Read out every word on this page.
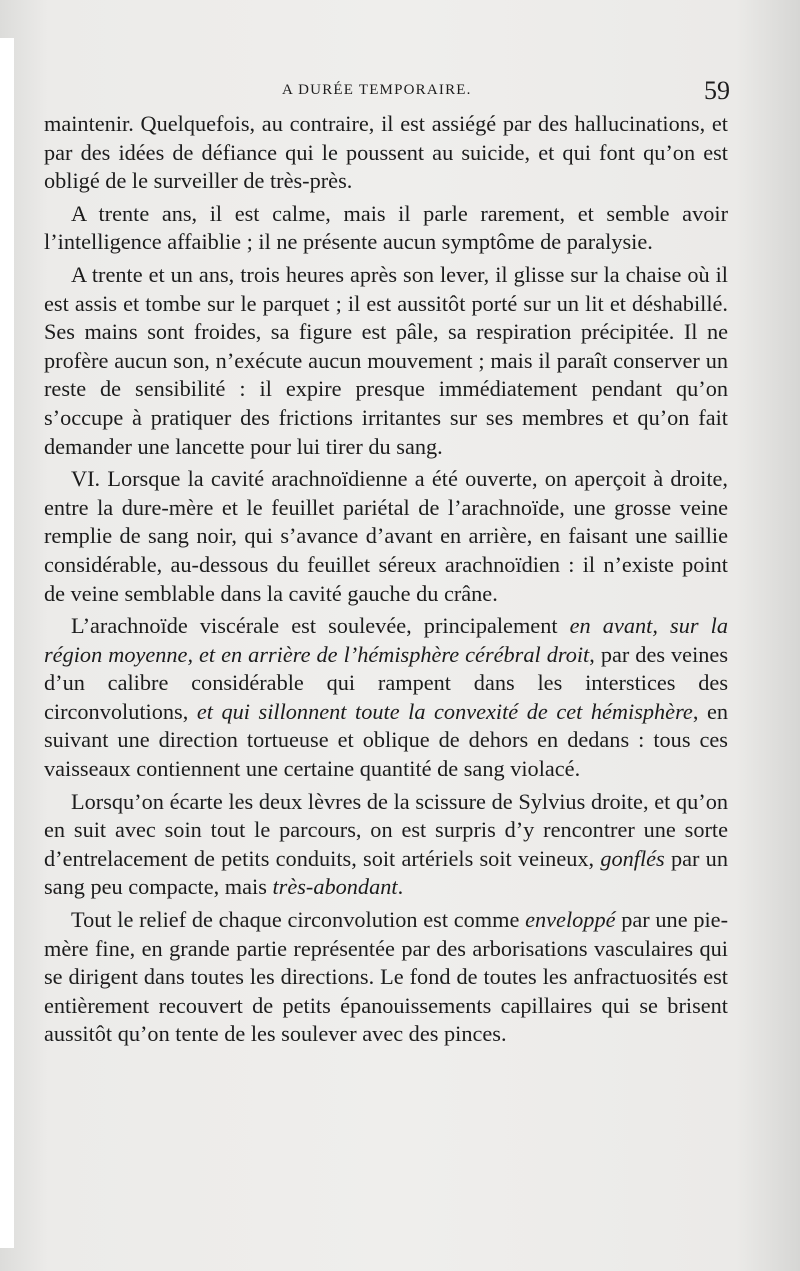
A DURÉE TEMPORAIRE.	59

maintenir. Quelquefois, au contraire, il est assiégé par des hallucinations, et par des idées de défiance qui le poussent au suicide, et qui font qu’on est obligé de le surveiller de très-près.

A trente ans, il est calme, mais il parle rarement, et semble avoir l’intelligence affaiblie ; il ne présente aucun symptôme de paralysie.

A trente et un ans, trois heures après son lever, il glisse sur la chaise où il est assis et tombe sur le parquet ; il est aussitôt porté sur un lit et déshabillé. Ses mains sont froides, sa figure est pâle, sa respiration précipitée. Il ne profère aucun son, n’exécute aucun mouvement ; mais il paraît conserver un reste de sensibilité : il expire presque immédiatement pendant qu’on s’occupe à pratiquer des frictions irritantes sur ses membres et qu’on fait demander une lancette pour lui tirer du sang.

VI. Lorsque la cavité arachnoïdienne a été ouverte, on aperçoit à droite, entre la dure-mère et le feuillet pariétal de l’arachnoïde, une grosse veine remplie de sang noir, qui s’avance d’avant en arrière, en faisant une saillie considérable, au-dessous du feuillet séreux arachnoïdien : il n’existe point de veine semblable dans la cavité gauche du crâne.

L’arachnoïde viscérale est soulevée, principalement en avant, sur la région moyenne, et en arrière de l’hémisphère cérébral droit, par des veines d’un calibre considérable qui rampent dans les interstices des circonvolutions, et qui sillonnent toute la convexité de cet hémisphère, en suivant une direction tortueuse et oblique de dehors en dedans : tous ces vaisseaux contiennent une certaine quantité de sang violacé.

Lorsqu’on écarte les deux lèvres de la scissure de Sylvius droite, et qu’on en suit avec soin tout le parcours, on est surpris d’y rencontrer une sorte d’entrelacement de petits conduits, soit artériels soit veineux, gonflés par un sang peu compacte, mais très-abondant.

Tout le relief de chaque circonvolution est comme enveloppé par une pie-mère fine, en grande partie représentée par des arborisations vasculaires qui se dirigent dans toutes les directions. Le fond de toutes les anfractuosités est entièrement recouvert de petits épanouissements capillaires qui se brisent aussitôt qu’on tente de les soulever avec des pinces.
